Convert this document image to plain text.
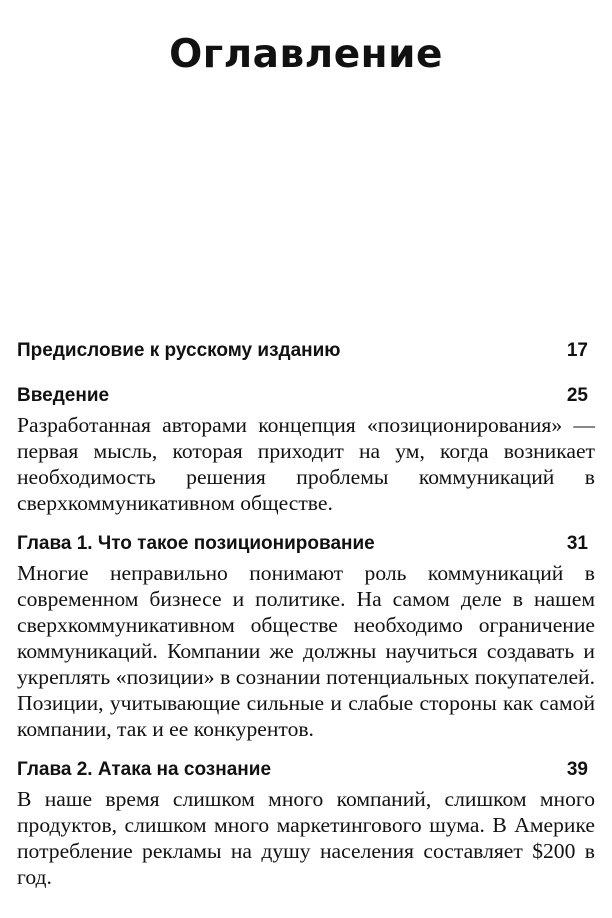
Оглавление
Предисловие к русскому изданию	17
Введение	25

Разработанная авторами концепция «позиционирования» — первая мысль, которая приходит на ум, когда возникает необходимость решения проблемы коммуникаций в сверхкоммуникативном обществе.

Глава 1. Что такое позиционирование	31

Многие неправильно понимают роль коммуникаций в современном бизнесе и политике. На самом деле в нашем сверхкоммуникативном обществе необходимо ограничение коммуникаций. Компании же должны научиться создавать и укреплять «позиции» в сознании потенциальных покупателей. Позиции, учитывающие сильные и слабые стороны как самой компании, так и ее конкурентов.

Глава 2. Атака на сознание	39

В наше время слишком много компаний, слишком много продуктов, слишком много маркетингового шума. В Америке потребление рекламы на душу населения составляет $200 в год.
